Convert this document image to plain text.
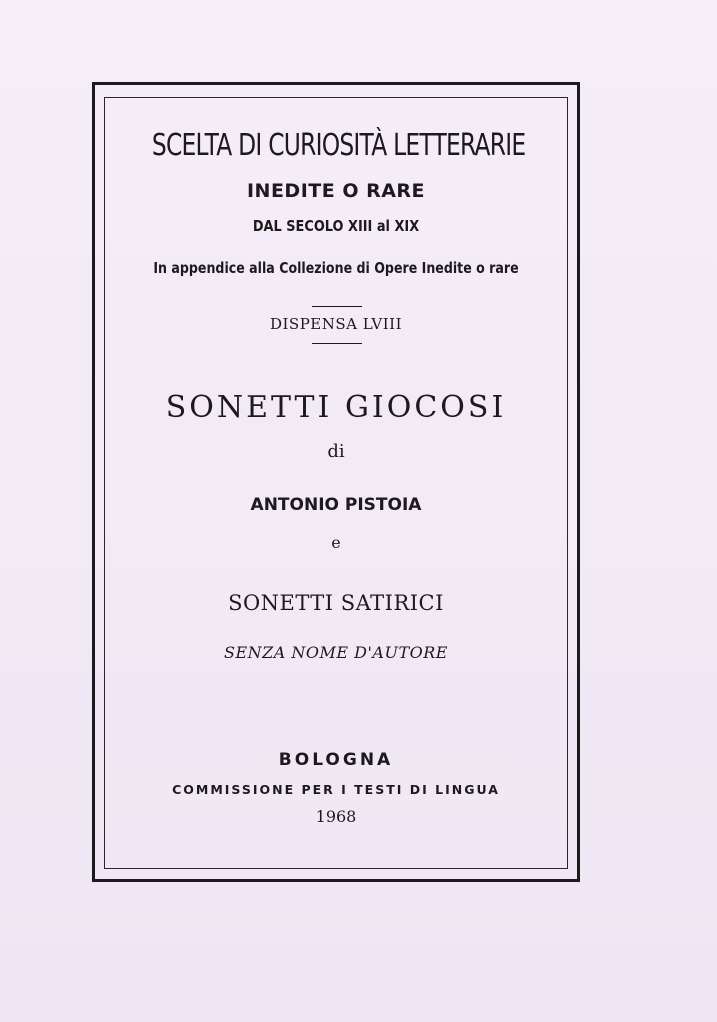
SCELTA DI CURIOSITÀ LETTERARIE
INEDITE O RARE
DAL SECOLO XIII al XIX
In appendice alla Collezione di Opere Inedite o rare
DISPENSA LVIII
SONETTI GIOCOSI
di
ANTONIO PISTOIA
e
SONETTI SATIRICI
SENZA NOME D'AUTORE
BOLOGNA
COMMISSIONE PER I TESTI DI LINGUA
1968
